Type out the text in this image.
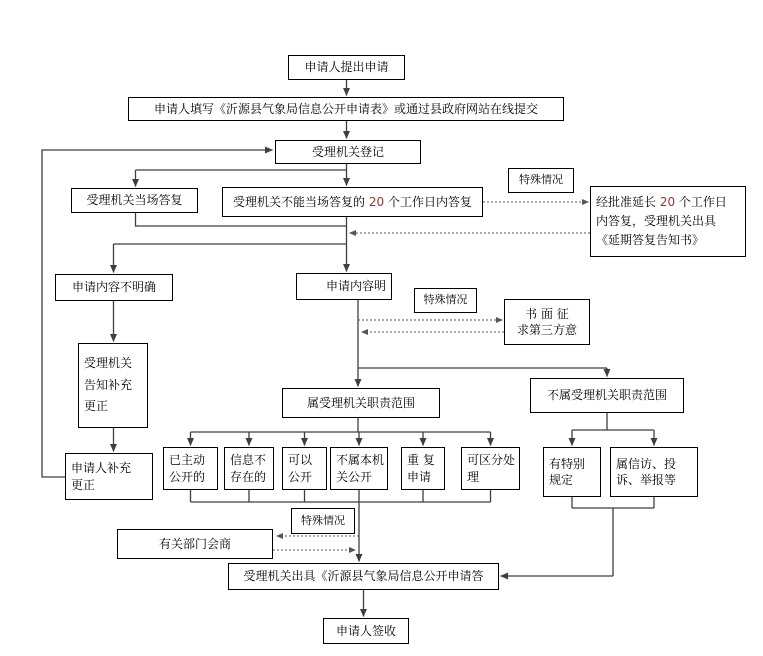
申请人提出申请
申请人填写《沂源县气象局信息公开申请表》或通过县政府网站在线提交
受理机关登记
受理机关当场答复	受理机关不能当场答复的 20 个工作日内答复
特殊情况
经批准延长 20 个工作日
内答复，受理机关出具
《延期答复告知书》
申请内容不明确	申请内容明
特殊情况
书 面 征
求第三方意
受理机关
告知补充
更正	属受理机关职责范围
不属受理机关职责范围
申请人补充
更正
已主动
公开的
信息不
存在的
可以
公开
不属本机
关公开
重 复
申请
可区分处
理
有特别
规定
属信访、投
诉、举报等
特殊情况
有关部门会商
受理机关出具《沂源县气象局信息公开申请答
申请人签收
